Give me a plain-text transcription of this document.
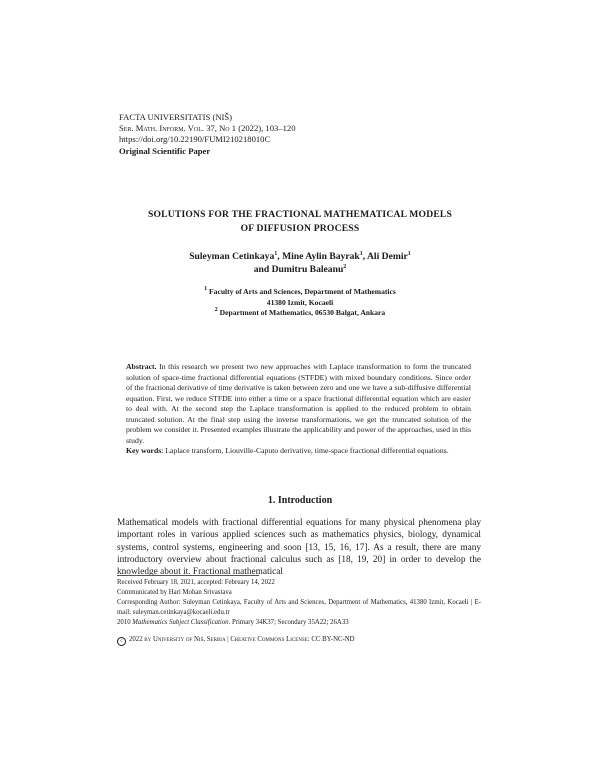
FACTA UNIVERSITATIS (NIŠ)
Ser. Math. Inform. Vol. 37, No 1 (2022), 103–120
https://doi.org/10.22190/FUMI210218010C
Original Scientific Paper
SOLUTIONS FOR THE FRACTIONAL MATHEMATICAL MODELS
OF DIFFUSION PROCESS
Suleyman Cetinkaya$^1$, Mine Aylin Bayrak$^1$, Ali Demir$^1$
and Dumitru Baleanu$^2$
$^1$ Faculty of Arts and Sciences, Department of Mathematics
41380 Izmit, Kocaeli
$^2$ Department of Mathematics, 06530 Balgat, Ankara
Abstract. In this research we present two new approaches with Laplace transformation to form the truncated solution of space-time fractional differential equations (STFDE) with mixed boundary conditions. Since order of the fractional derivative of time derivative is taken between zero and one we have a sub-diffusive differential equation. First, we reduce STFDE into either a time or a space fractional differential equation which are easier to deal with. At the second step the Laplace transformation is applied to the reduced problem to obtain truncated solution. At the final step using the inverse transformations, we get the truncated solution of the problem we consider it. Presented examples illustrate the applicability and power of the approaches, used in this study.
Key words: Laplace transform, Liouville-Caputo derivative, time-space fractional differential equations.
1. Introduction
Mathematical models with fractional differential equations for many physical phenomena play important roles in various applied sciences such as mathematics physics, biology, dynamical systems, control systems, engineering and soon [13, 15, 16, 17]. As a result, there are many introductory overview about fractional calculus such as [18, 19, 20] in order to develop the knowledge about it. Fractional mathematical
Received February 18, 2021, accepted: February 14, 2022
Communicated by Hari Mohan Srivastava
Corresponding Author: Suleyman Cetinkaya, Faculty of Arts and Sciences, Department of Mathematics, 41380 Izmit, Kocaeli | E-mail: suleyman.cetinkaya@kocaeli.edu.tr
2010 Mathematics Subject Classification. Primary 34K37; Secondary 35A22; 26A33
c 2022 by University of Niš, Serbia | Creative Commons License: CC BY-NC-ND
